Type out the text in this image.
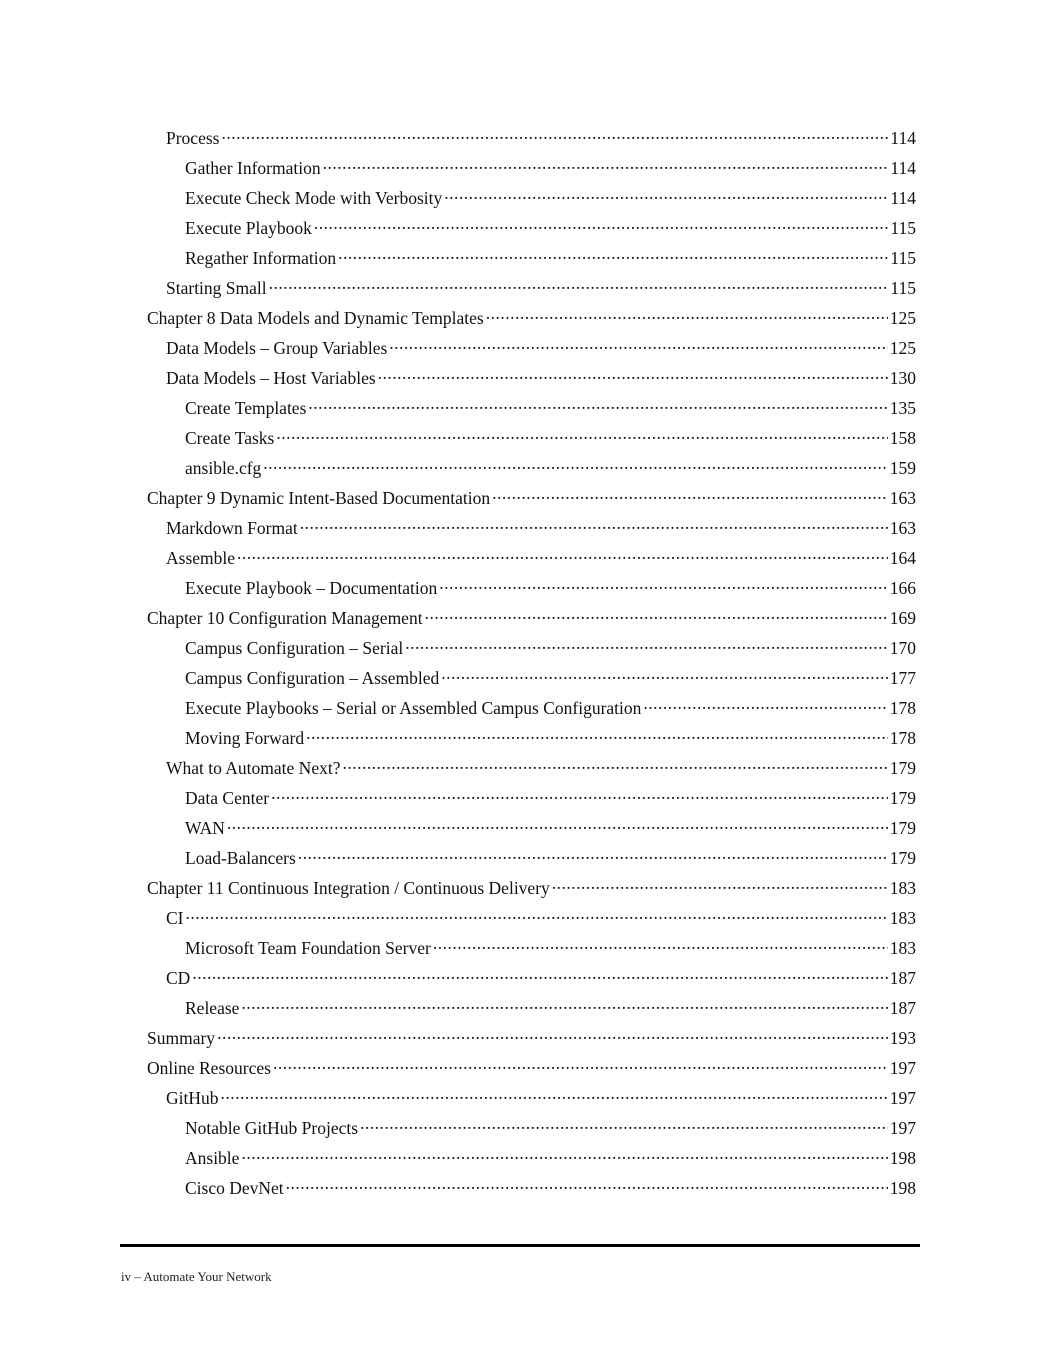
Process .....	114
Gather Information .....	114
Execute Check Mode with Verbosity .....	114
Execute Playbook .....	115
Regather Information .....	115
Starting Small .....	115
Chapter 8 Data Models and Dynamic Templates .....	125
Data Models – Group Variables .....	125
Data Models – Host Variables .....	130
Create Templates .....	135
Create Tasks .....	158
ansible.cfg .....	159
Chapter 9 Dynamic Intent-Based Documentation .....	163
Markdown Format .....	163
Assemble .....	164
Execute Playbook – Documentation .....	166
Chapter 10 Configuration Management .....	169
Campus Configuration – Serial .....	170
Campus Configuration – Assembled .....	177
Execute Playbooks – Serial or Assembled Campus Configuration .....	178
Moving Forward .....	178
What to Automate Next? .....	179
Data Center .....	179
WAN .....	179
Load-Balancers .....	179
Chapter 11 Continuous Integration / Continuous Delivery .....	183
CI .....	183
Microsoft Team Foundation Server .....	183
CD .....	187
Release .....	187
Summary .....	193
Online Resources .....	197
GitHub .....	197
Notable GitHub Projects .....	197
Ansible .....	198
Cisco DevNet .....	198
iv – Automate Your Network
